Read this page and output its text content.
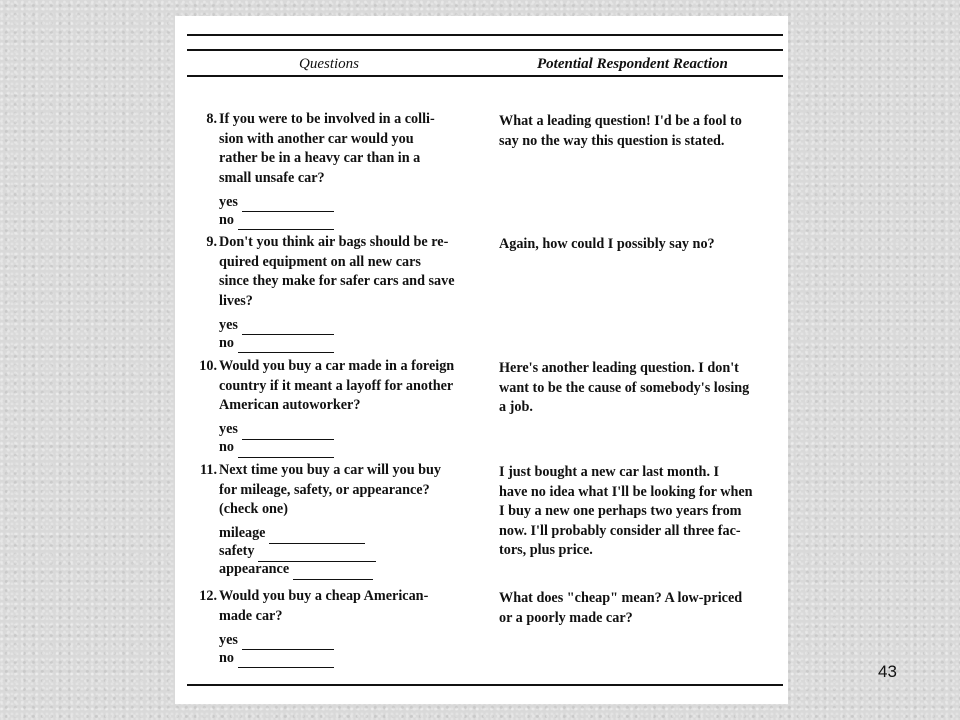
Questions	Potential Respondent Reaction
8. If you were to be involved in a colli-
sion with another car would you
rather be in a heavy car than in a
small unsafe car?
yes
no
What a leading question! I'd be a fool to
say no the way this question is stated.
9. Don't you think air bags should be re-
quired equipment on all new cars
since they make for safer cars and save
lives?
yes
no
Again, how could I possibly say no?
10. Would you buy a car made in a foreign
country if it meant a layoff for another
American autoworker?
yes
no
Here's another leading question. I don't
want to be the cause of somebody's losing
a job.
11. Next time you buy a car will you buy
for mileage, safety, or appearance?
(check one)
mileage
safety
appearance
I just bought a new car last month. I
have no idea what I'll be looking for when
I buy a new one perhaps two years from
now. I'll probably consider all three fac-
tors, plus price.
12. Would you buy a cheap American-
made car?
yes
no
What does "cheap" mean? A low-priced
or a poorly made car?
43
